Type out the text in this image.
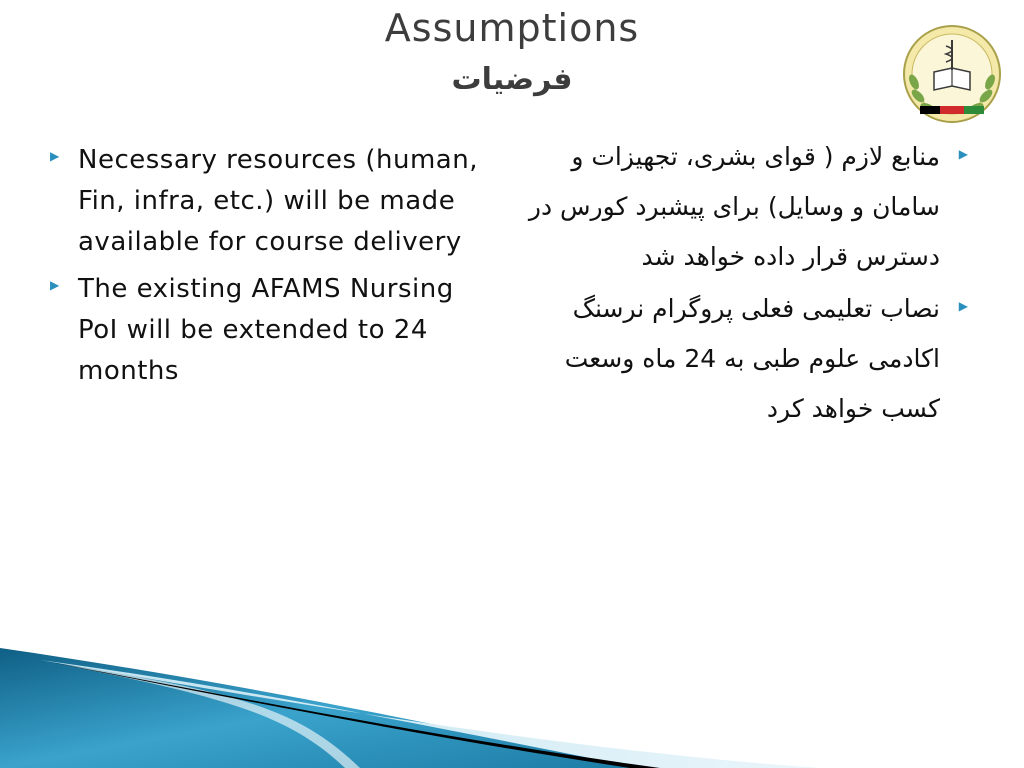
Assumptions
فرضیات
▶ Necessary resources (human, Fin, infra, etc.) will be made available for course delivery
▶ The existing AFAMS Nursing PoI will be extended to 24 months
▶
منابع لازم ( قوای بشری، تجهیزات و سامان و وسایل) برای پیشبرد کورس در دسترس قرار داده خواهد شد
▶
نصاب تعلیمی فعلی پروگرام نرسنگ اکادمی علوم طبی به 24 ماه وسعت کسب خواهد کرد
